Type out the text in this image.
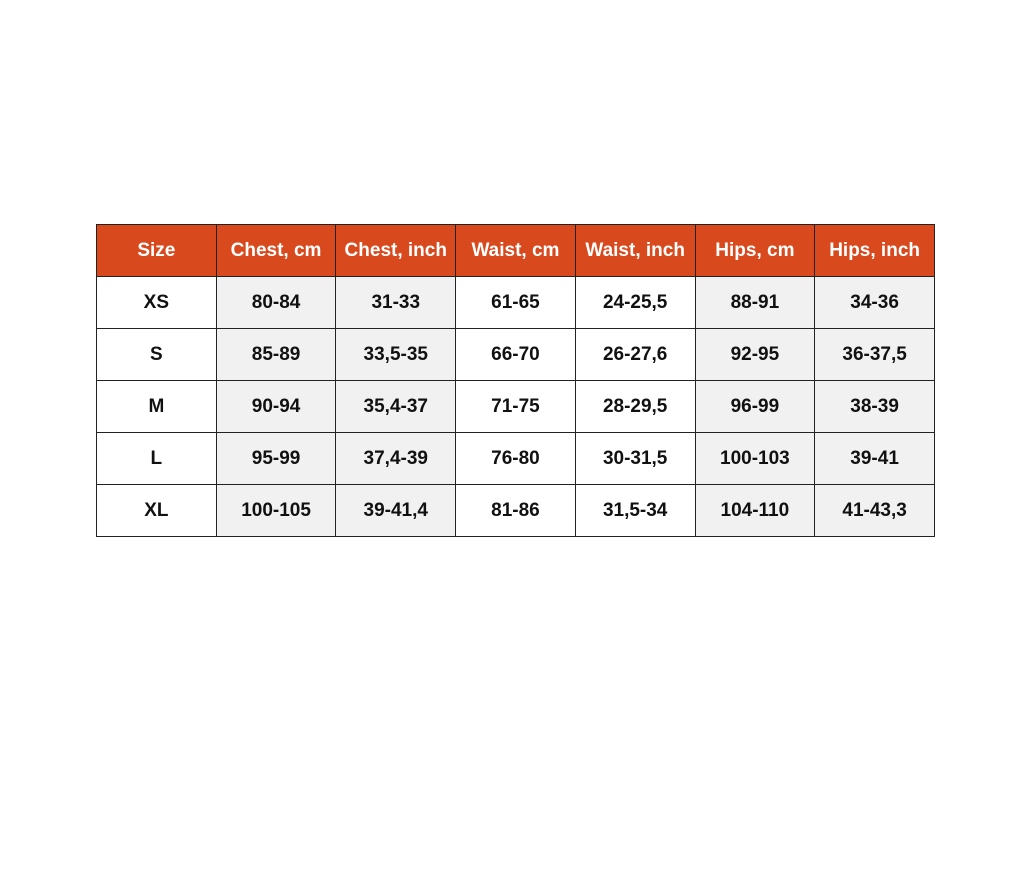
Size	Chest, cm	Chest, inch	Waist, cm	Waist, inch	Hips, cm	Hips, inch
XS	80-84	31-33	61-65	24-25,5	88-91	34-36
S	85-89	33,5-35	66-70	26-27,6	92-95	36-37,5
M	90-94	35,4-37	71-75	28-29,5	96-99	38-39
L	95-99	37,4-39	76-80	30-31,5	100-103	39-41
XL	100-105	39-41,4	81-86	31,5-34	104-110	41-43,3
